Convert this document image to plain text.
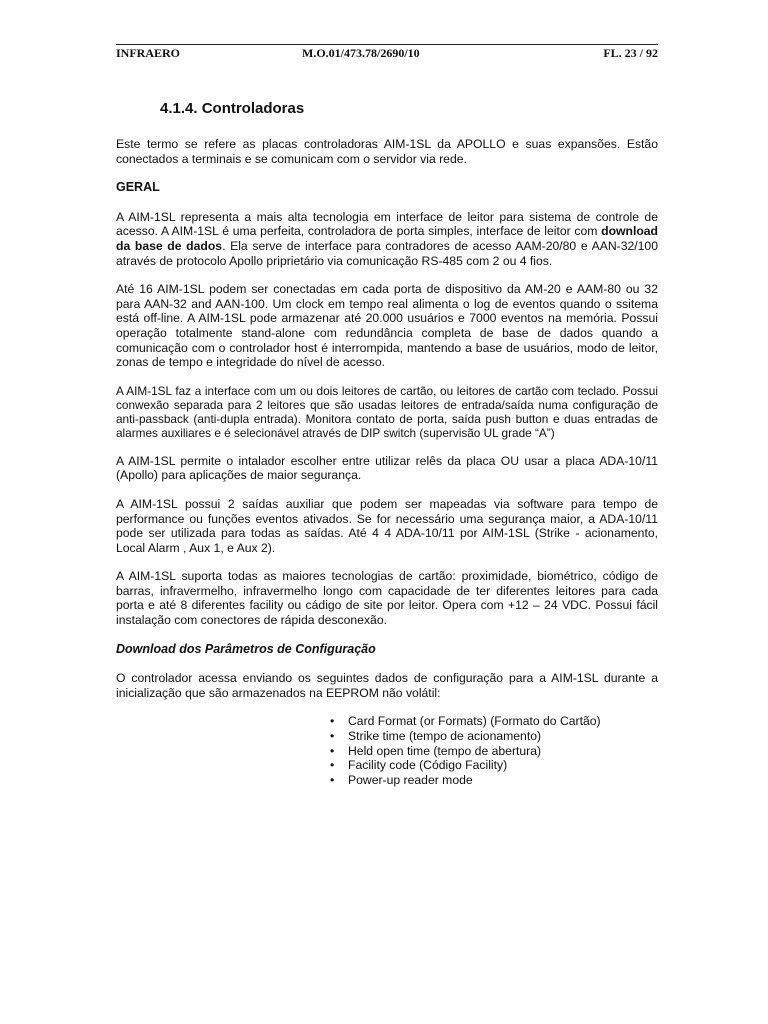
INFRAERO	M.O.01/473.78/2690/10	FL. 23 / 92
4.1.4. Controladoras

Este termo se refere as placas controladoras AIM-1SL da APOLLO e suas expansões. Estão conectados a terminais e se comunicam com o servidor via rede.

GERAL

A AIM-1SL representa a mais alta tecnologia em interface de leitor para sistema de controle de acesso. A AIM-1SL é uma perfeita, controladora de porta simples, interface de leitor com download da base de dados. Ela serve de interface para contradores de acesso AAM-20/80 e AAN-32/100 através de protocolo Apollo priprietário via comunicação RS-485 com 2 ou 4 fios.

Até 16 AIM-1SL podem ser conectadas em cada porta de dispositivo da AM-20 e AAM-80 ou 32 para AAN-32 and AAN-100. Um clock em tempo real alimenta o log de eventos quando o ssitema está off-line. A AIM-1SL pode armazenar até 20.000 usuários e 7000 eventos na memória. Possui operação totalmente stand-alone com redundância completa de base de dados quando a comunicação com o controlador host é interrompida, mantendo a base de usuários, modo de leitor, zonas de tempo e integridade do nível de acesso.

A AIM-1SL faz a interface com um ou dois leitores de cartão, ou leitores de cartão com teclado. Possui conwexão separada para 2 leitores que são usadas leitores de entrada/saída numa configuração de anti-passback (anti-dupla entrada). Monitora contato de porta, saída push button e duas entradas de alarmes auxiliares e é selecionável através de DIP switch (supervisão UL grade “A”)

A AIM-1SL permite o intalador escolher entre utilizar relês da placa OU usar a placa ADA-10/11 (Apollo) para aplicações de maior segurança.

A AIM-1SL possui 2 saídas auxiliar que podem ser mapeadas via software para tempo de performance ou funções eventos ativados. Se for necessário uma segurança maior, a ADA-10/11 pode ser utilizada para todas as saídas. Até 4 4 ADA-10/11 por AIM-1SL (Strike - acionamento, Local Alarm , Aux 1, e Aux 2).

A AIM-1SL suporta todas as maiores tecnologias de cartão: proximidade, biométrico, código de barras, infravermelho, infravermelho longo com capacidade de ter diferentes leitores para cada porta e até 8 diferentes facility ou cádigo de site por leitor. Opera com +12 – 24 VDC. Possui fácil instalação com conectores de rápida desconexão.

Download dos Parâmetros de Configuração

O controlador acessa enviando os seguintes dados de configuração para a AIM-1SL durante a inicialização que são armazenados na EEPROM não volátil:

• Card Format (or Formats) (Formato do Cartão)
• Strike time (tempo de acionamento)
• Held open time (tempo de abertura)
• Facility code (Código Facility)
• Power-up reader mode
